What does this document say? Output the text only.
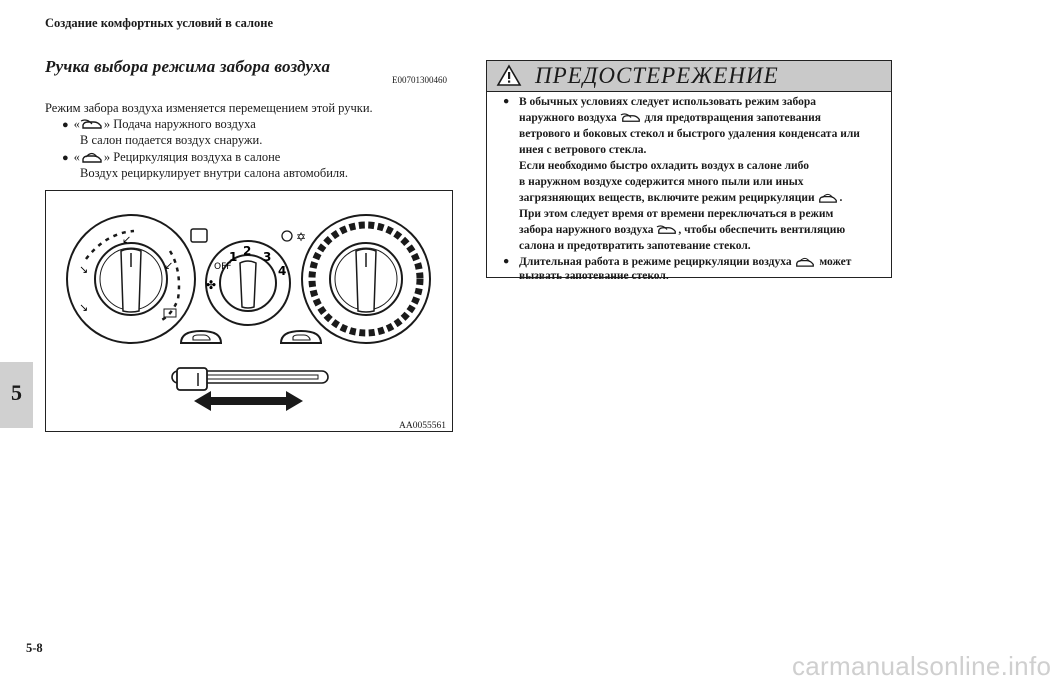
Создание комфортных условий в салоне
5
Ручка выбора режима забора воздуха
E00701300460
Режим забора воздуха изменяется перемещением этой ручки.
● « » Подача наружного воздуха
В салон подается воздух снаружи.
● « » Рециркуляция воздуха в салоне
Воздух рециркулирует внутри салона автомобиля.
↘
↘
↙
↙	OFF
1 2 3
4
✤
✡
AA0055561
ПРЕДОСТЕРЕЖЕНИЕ
● В обычных условиях следует использовать режим забора
наружного воздуха для предотвращения запотевания
ветрового и боковых стекол и быстрого удаления конденсата или
инея с ветрового стекла.
Если необходимо быстро охладить воздух в салоне либо
в наружном воздухе содержится много пыли или иных
загрязняющих веществ, включите режим рециркуляции .
При этом следует время от времени переключаться в режим
забора наружного воздуха , чтобы обеспечить вентиляцию
салона и предотвратить запотевание стекол.
● Длительная работа в режиме рециркуляции воздуха может
вызвать запотевание стекол.
5-8
carmanualsonline.info
